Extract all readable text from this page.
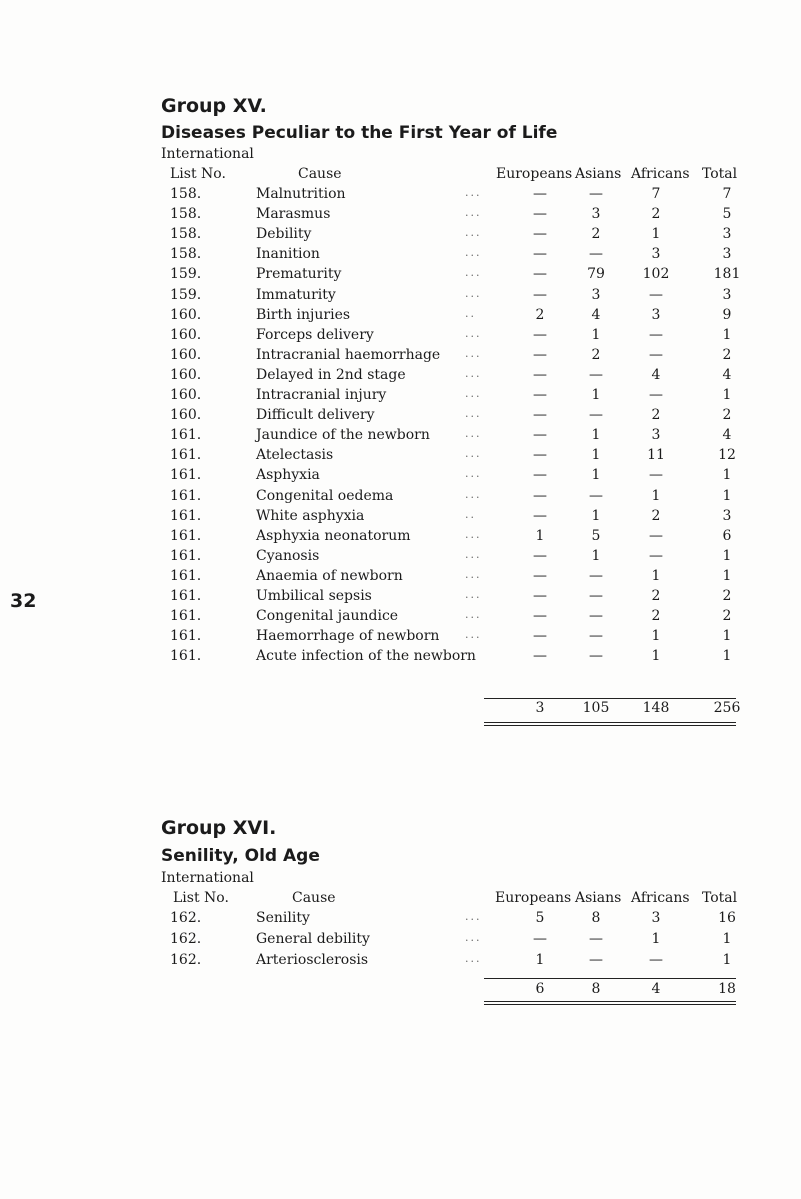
32
Group XV.
Diseases Peculiar to the First Year of Life
International
List No.	Cause	Europeans Asians Africans Total
158.	Malnutrition	...	—	—	7	7
158.	Marasmus	...	—	3	2	5
158.	Debility	...	—	2	1	3
158.	Inanition	...	—	—	3	3
159.	Prematurity	...	—	79	102	181
159.	Immaturity	...	—	3	—	3
160.	Birth injuries	..	2	4	3	9
160.	Forceps delivery	...	—	1	—	1
160.	Intracranial haemorrhage ...	—	2	—	2
160.	Delayed in 2nd stage	...	—	—	4	4
160.	Intracranial injury	...	—	1	—	1
160.	Difficult delivery	...	—	—	2	2
161.	Jaundice of the newborn	...	—	1	3	4
161.	Atelectasis	...	—	1	11	12
161.	Asphyxia	...	—	1	—	1
161.	Congenital oedema	...	—	—	1	1
161.	White asphyxia	..	—	1	2	3
161.	Asphyxia neonatorum	...	1	5	—	6
161.	Cyanosis	...	—	1	—	1
161.	Anaemia of newborn	...	—	—	1	1
161.	Umbilical sepsis	...	—	—	2	2
161.	Congenital jaundice	...	—	—	2	2
161.	Haemorrhage of newborn ...	—	—	1	1
161.	Acute infection of the newborn	—	—	1	1
3	105	148	256
Group XVI.
Senility, Old Age
International
List No.	Cause	Europeans Asians Africans Total
162.	Senility	...	5	8	3	16
162.	General debility	...	—	—	1	1
162.	Arteriosclerosis	...	1	—	—	1
6	8	4	18
